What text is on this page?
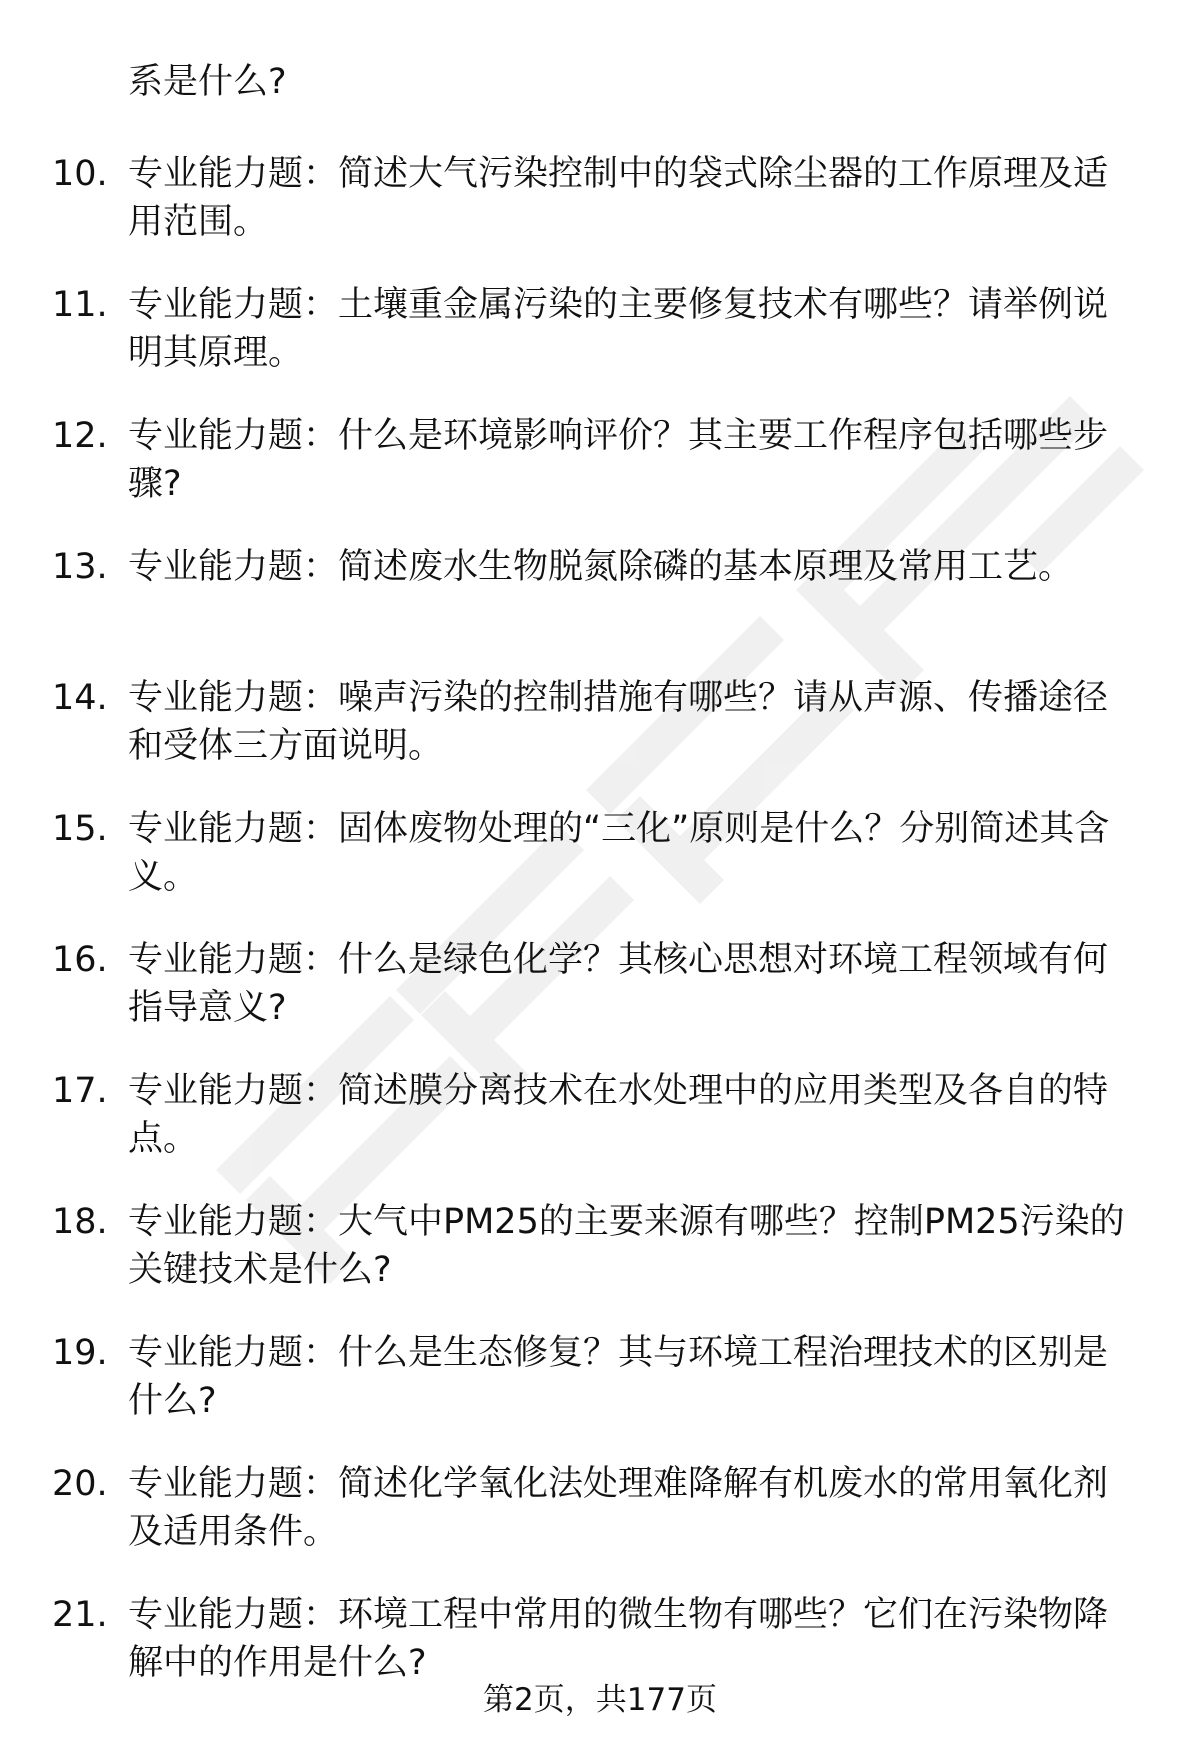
系是什么?
10. 专业能力题：简述大气污染控制中的袋式除尘器的工作原理及适用范围。
11. 专业能力题：土壤重金属污染的主要修复技术有哪些？请举例说明其原理。
12. 专业能力题：什么是环境影响评价？其主要工作程序包括哪些步骤?
13. 专业能力题：简述废水生物脱氮除磷的基本原理及常用工艺。
14. 专业能力题：噪声污染的控制措施有哪些？请从声源、传播途径和受体三方面说明。
15. 专业能力题：固体废物处理的“三化”原则是什么？分别简述其含义。
16. 专业能力题：什么是绿色化学？其核心思想对环境工程领域有何指导意义?
17. 专业能力题：简述膜分离技术在水处理中的应用类型及各自的特点。
18. 专业能力题：大气中PM25的主要来源有哪些？控制PM25污染的关键技术是什么?
19. 专业能力题：什么是生态修复？其与环境工程治理技术的区别是什么?
20. 专业能力题：简述化学氧化法处理难降解有机废水的常用氧化剂及适用条件。
21. 专业能力题：环境工程中常用的微生物有哪些？它们在污染物降解中的作用是什么?
第2页，共177页
